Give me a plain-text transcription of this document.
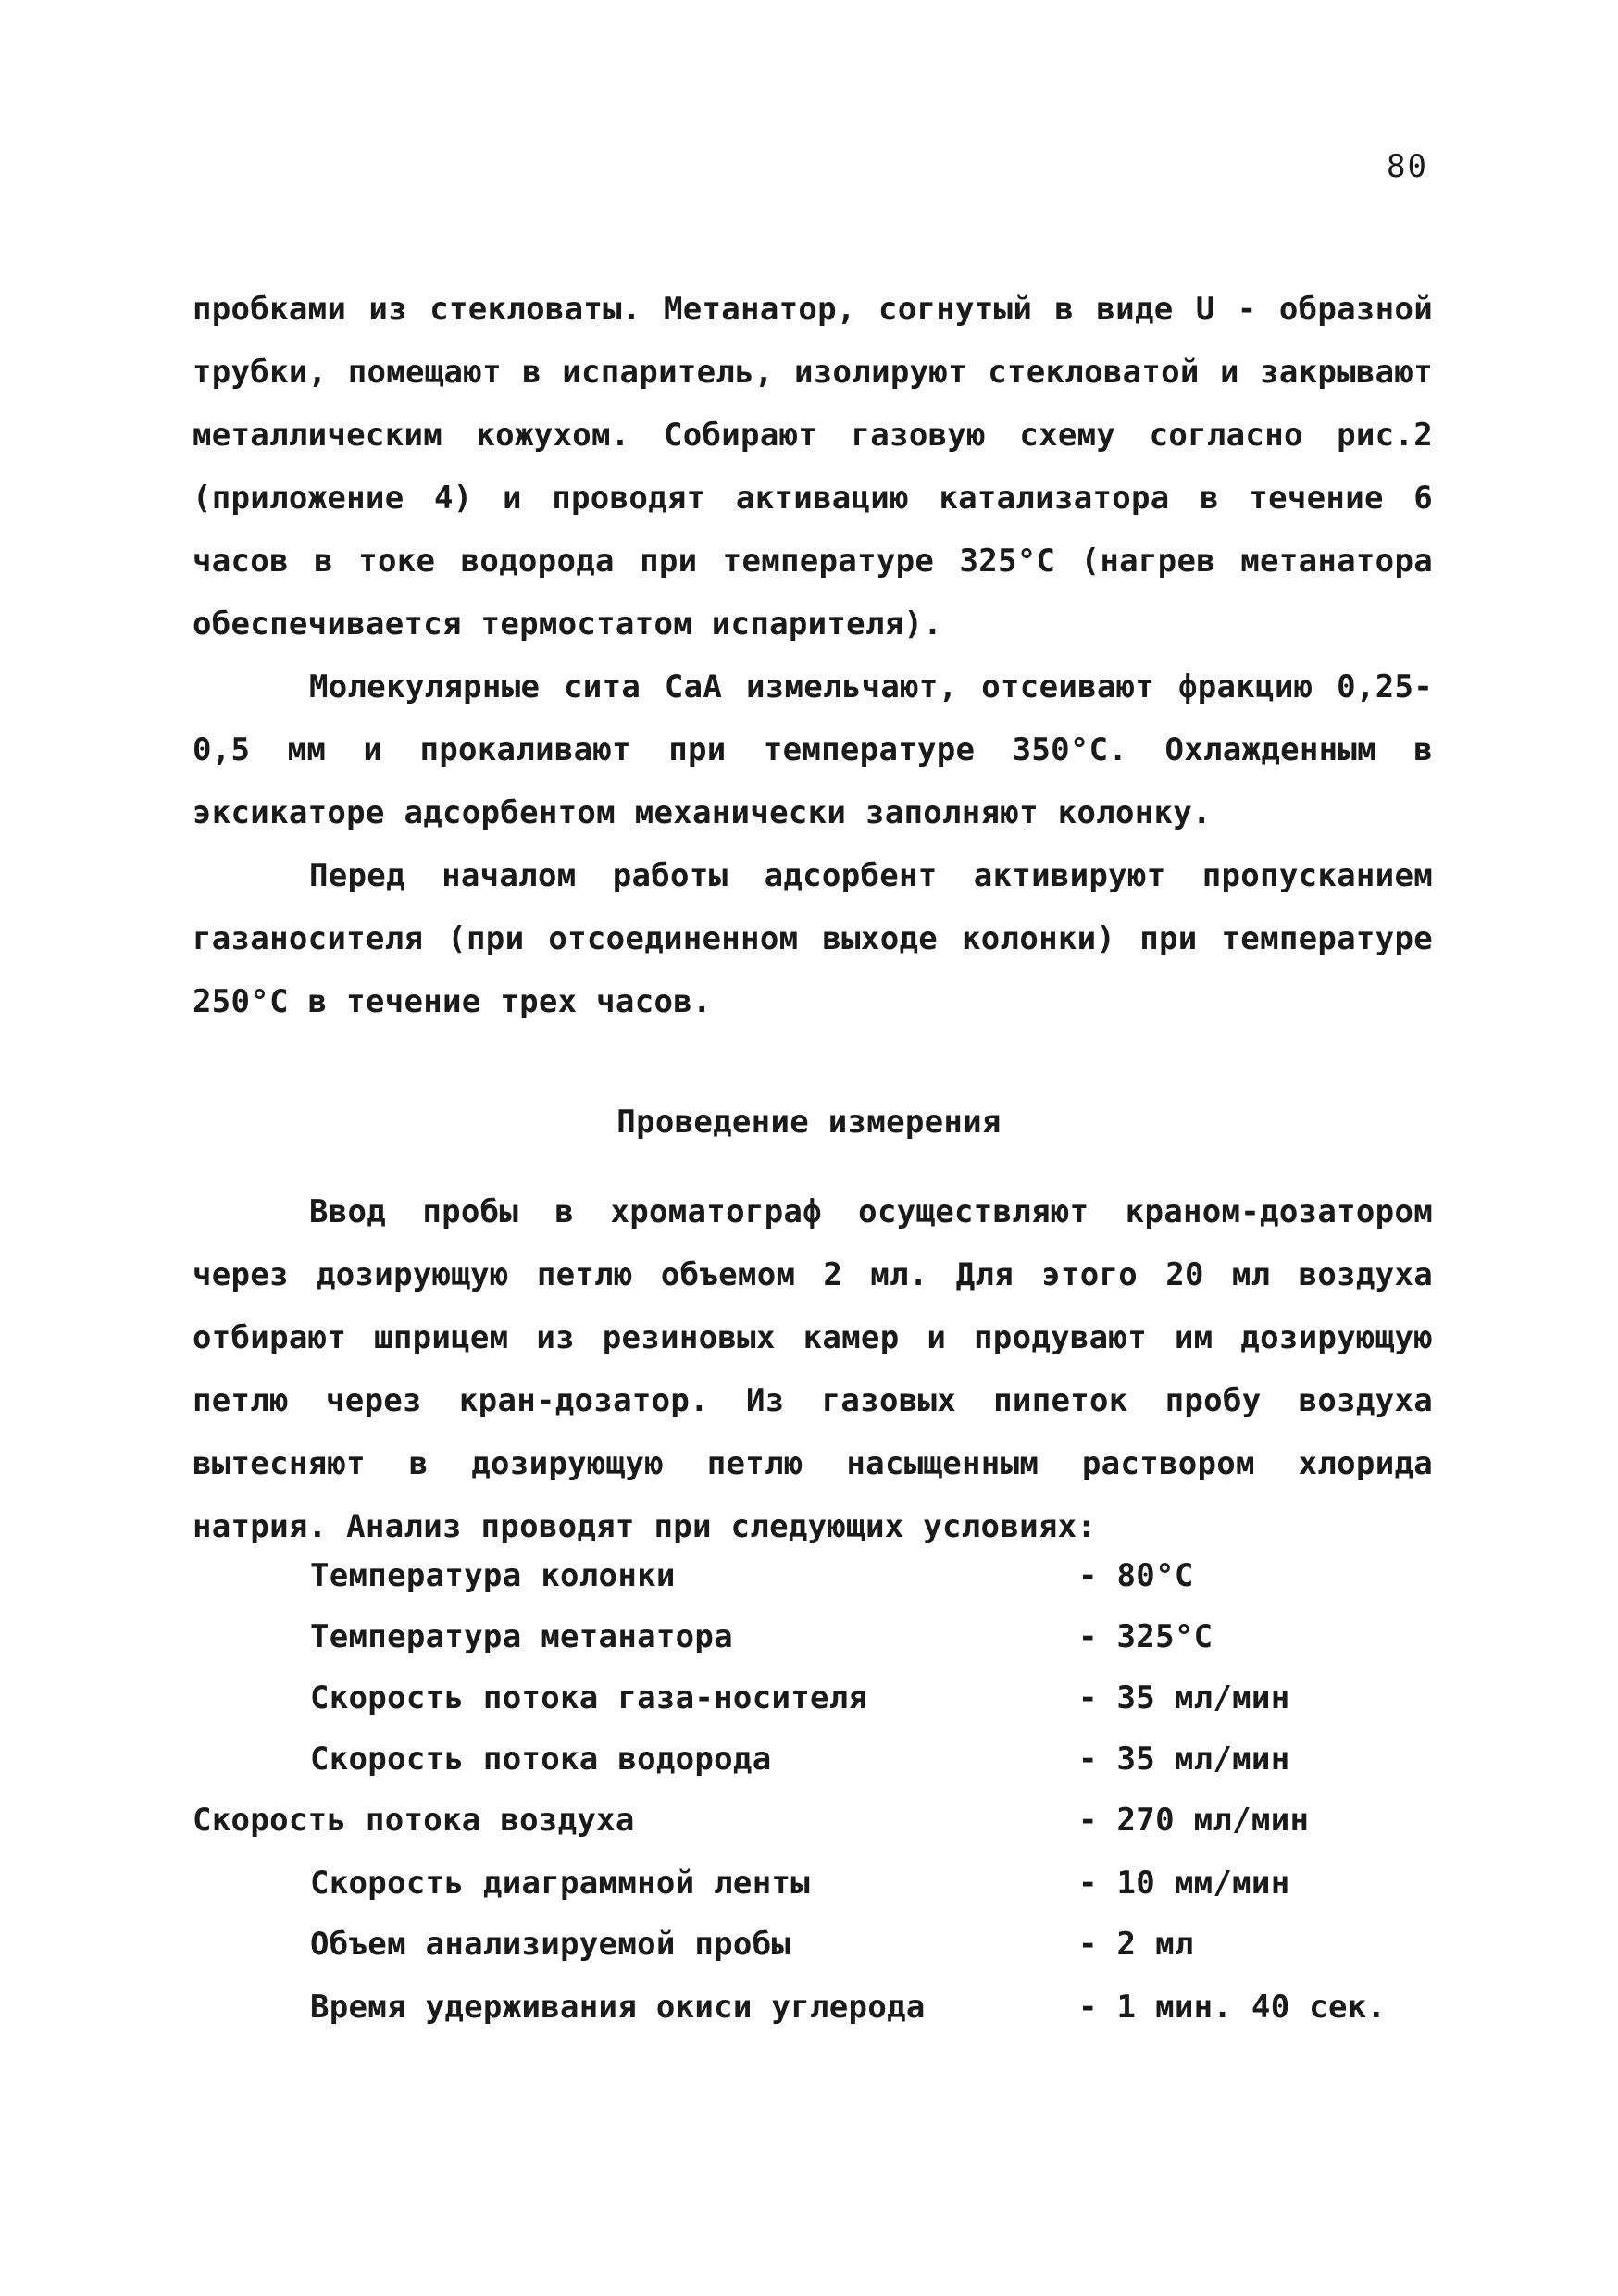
80

пробками из стекловаты. Метанатор, согнутый в виде U - образной трубки, помещают в испаритель, изолируют стекловатой и закрывают металлическим кожухом. Собирают газовую схему согласно рис.2 (приложение 4) и проводят активацию катализатора в течение 6 часов в токе водорода при температуре 325°С (нагрев метанатора обеспечивается термостатом испарителя).

Молекулярные сита СаА измельчают, отсеивают фракцию 0,25-0,5 мм и прокаливают при температуре 350°С. Охлажденным в эксикаторе адсорбентом механически заполняют колонку.

Перед началом работы адсорбент активируют пропусканием газаносителя (при отсоединенном выходе колонки) при температуре 250°С в течение трех часов.

Проведение измерения

Ввод пробы в хроматограф осуществляют краном-дозатором через дозирующую петлю объемом 2 мл. Для этого 20 мл воздуха отбирают шприцем из резиновых камер и продувают им дозирующую петлю через кран-дозатор. Из газовых пипеток пробу воздуха вытесняют в дозирующую петлю насыщенным раствором хлорида натрия. Анализ проводят при следующих условиях:

Температура колонки	- 80°С
Температура метанатора	- 325°С
Скорость потока газа-носителя	- 35 мл/мин
Скорость потока водорода	- 35 мл/мин
Скорость потока воздуха	- 270 мл/мин
Скорость диаграммной ленты	- 10 мм/мин
Объем анализируемой пробы	- 2 мл
Время удерживания окиси углерода	- 1 мин. 40 сек.
